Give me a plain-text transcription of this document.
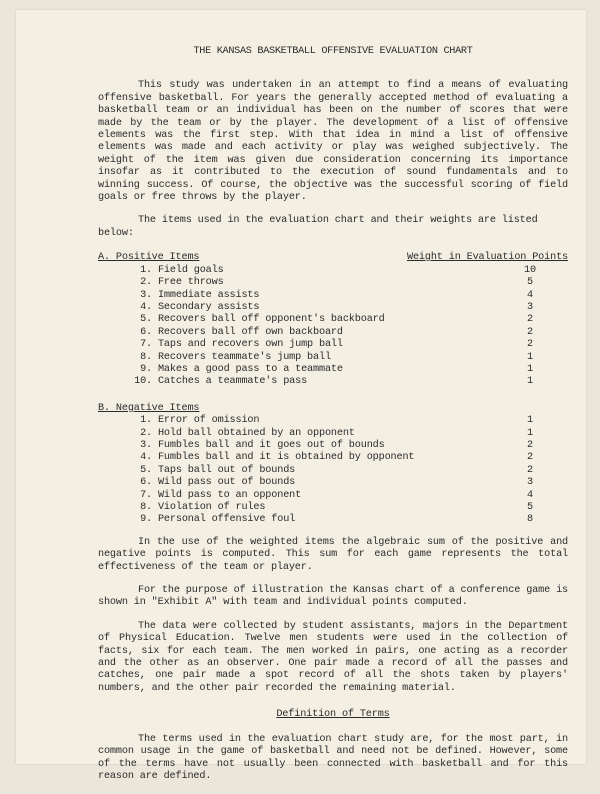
THE KANSAS BASKETBALL OFFENSIVE EVALUATION CHART

This study was undertaken in an attempt to find a means of evaluating offensive basketball. For years the generally accepted method of evaluating a basketball team or an individual has been on the number of scores that were made by the team or by the player. The development of a list of offensive elements was the first step. With that idea in mind a list of offensive elements was made and each activity or play was weighed subjectively. The weight of the item was given due consideration concerning its importance insofar as it contributed to the execution of sound fundamentals and to winning success. Of course, the objective was the successful scoring of field goals or free throws by the player.

The items used in the evaluation chart and their weights are listed below:

A. Positive Items	Weight in Evaluation Points
1. Field goals	10
2. Free throws	5
3. Immediate assists	4
4. Secondary assists	3
5. Recovers ball off opponent's backboard	2
6. Recovers ball off own backboard	2
7. Taps and recovers own jump ball	2
8. Recovers teammate's jump ball	1
9. Makes a good pass to a teammate	1
10. Catches a teammate's pass	1
B. Negative Items
1. Error of omission	1
2. Hold ball obtained by an opponent	1
3. Fumbles ball and it goes out of bounds	2
4. Fumbles ball and it is obtained by opponent	2
5. Taps ball out of bounds	2
6. Wild pass out of bounds	3
7. Wild pass to an opponent	4
8. Violation of rules	5
9. Personal offensive foul	8

In the use of the weighted items the algebraic sum of the positive and negative points is computed. This sum for each game represents the total effectiveness of the team or player.

For the purpose of illustration the Kansas chart of a conference game is shown in "Exhibit A" with team and individual points computed.

The data were collected by student assistants, majors in the Department of Physical Education. Twelve men students were used in the collection of facts, six for each team. The men worked in pairs, one acting as a recorder and the other as an observer. One pair made a record of all the passes and catches, one pair made a spot record of all the shots taken by players' numbers, and the other pair recorded the remaining material.

Definition of Terms

The terms used in the evaluation chart study are, for the most part, in common usage in the game of basketball and need not be defined. However, some of the terms have not usually been connected with basketball and for this reason are defined.
